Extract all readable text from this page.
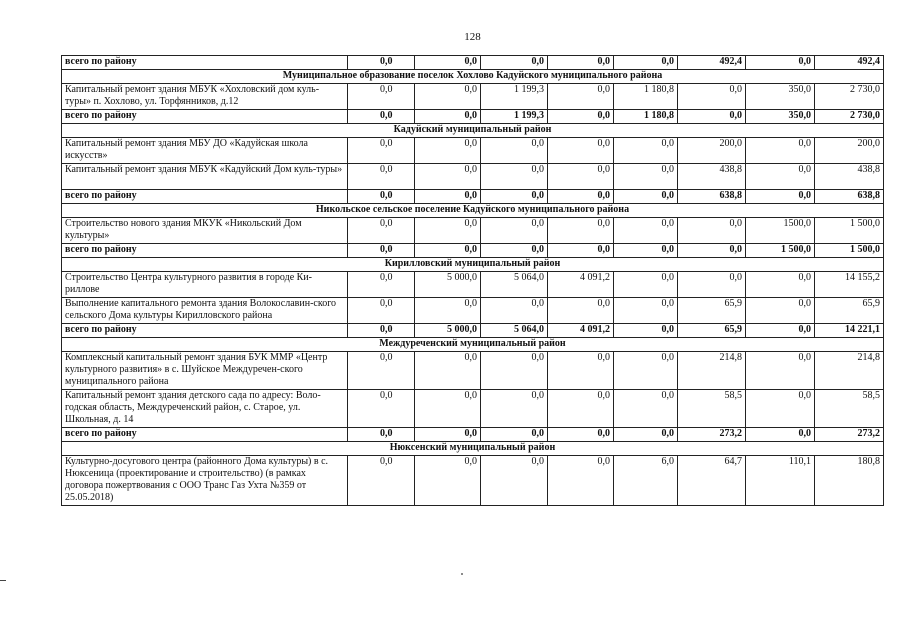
128
всего по району	0,0	0,0	0,0	0,0	0,0	492,4	0,0	492,4
Муниципальное образование поселок Хохлово Кадуйского муниципального района								
Капитальный ремонт здания МБУК «Хохловский дом куль-туры» п. Хохлово, ул. Торфянников, д.12	0,0	0,0	1 199,3	0,0	1 180,8	0,0	350,0	2 730,0
всего по району	0,0	0,0	1 199,3	0,0	1 180,8	0,0	350,0	2 730,0
Кадуйский муниципальный район								
Капитальный ремонт здания МБУ ДО «Кадуйская школа искусств»	0,0	0,0	0,0	0,0	0,0	200,0	0,0	200,0
Капитальный ремонт здания МБУК «Кадуйский Дом куль-туры»	0,0	0,0	0,0	0,0	0,0	438,8	0,0	438,8
всего по району	0,0	0,0	0,0	0,0	0,0	638,8	0,0	638,8
Никольское сельское поселение Кадуйского муниципального района								
Строительство нового здания МКУК «Никольский Дом культуры»	0,0	0,0	0,0	0,0	0,0	0,0	1500,0	1 500,0
всего по району	0,0	0,0	0,0	0,0	0,0	0,0	1 500,0	1 500,0
Кирилловский муниципальный район								
Строительство Центра культурного развития в городе Ки-риллове	0,0	5 000,0	5 064,0	4 091,2	0,0	0,0	0,0	14 155,2
Выполнение капитального ремонта здания Волокославин-ского сельского Дома культуры Кирилловского района	0,0	0,0	0,0	0,0	0,0	65,9	0,0	65,9
всего по району	0,0	5 000,0	5 064,0	4 091,2	0,0	65,9	0,0	14 221,1
Междуреченский муниципальный район								
Комплексный капитальный ремонт здания БУК ММР «Центр культурного развития» в с. Шуйское Междуречен-ского муниципального района	0,0	0,0	0,0	0,0	0,0	214,8	0,0	214,8
Капитальный ремонт здания детского сада по адресу: Воло-годская область, Междуреченский район, с. Старое, ул. Школьная, д. 14	0,0	0,0	0,0	0,0	0,0	58,5	0,0	58,5
всего по району	0,0	0,0	0,0	0,0	0,0	273,2	0,0	273,2
Нюксенский муниципальный район								
Культурно-досугового центра (районного Дома культуры) в с. Нюксеница (проектирование и строительство) (в рамках договора пожертвования с ООО Транс Газ Ухта №359 от 25.05.2018)	0,0	0,0	0,0	0,0	6,0	64,7	110,1	180,8
